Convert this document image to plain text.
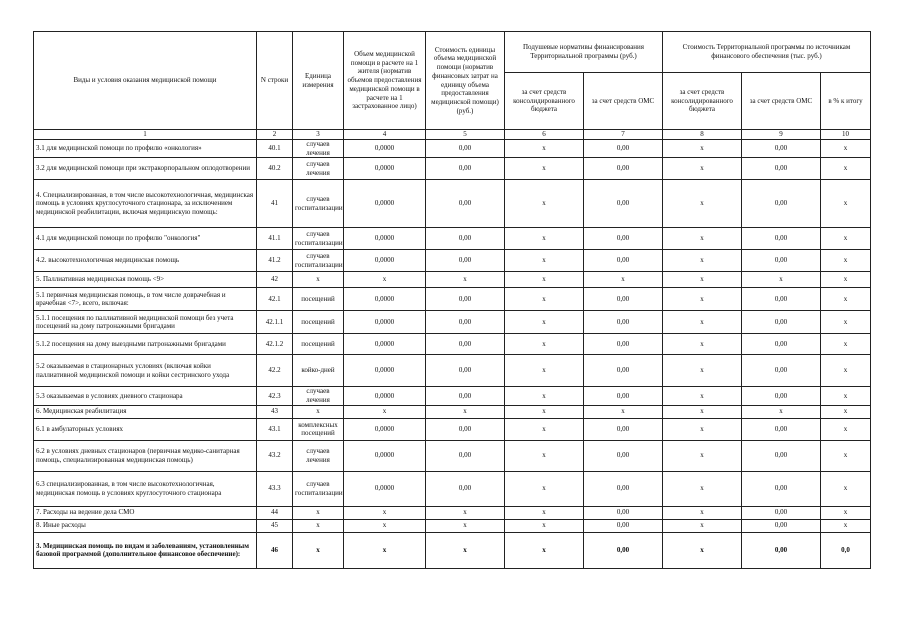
Виды и условия оказания медицинской помощи	N строки	Единица измерения	Объем медицинской помощи в расчете на 1 жителя (норматив объемов предоставления медицинской помощи в расчете на 1 застрахованное лицо)	Стоимость единицы объема медицинской помощи (норматив финансовых затрат на единицу объема предоставления медицинской помощи) (руб.)	Подушевые нормативы финансирования Территориальной программы (руб.)		Стоимость Территориальной программы по источникам финансового обеспечения (тыс. руб.)		
					за счет средств консолидированного бюджета	за счет средств ОМС	за счет средств консолидированного бюджета	за счет средств ОМС	в % к итогу
1	2	3	4	5	6	7	8	9	10
3.1 для медицинской помощи по профилю «онкология»	40.1	случаев лечения	0,0000	0,00	x	0,00	x	0,00	x
3.2 для медицинской помощи при экстракорпоральном оплодотворении	40.2	случаев лечения	0,0000	0,00	x	0,00	x	0,00	x
4. Специализированная, в том числе высокотехнологичная, медицинская помощь в условиях круглосуточного стационара, за исключением медицинской реабилитации, включая медицинскую помощь:	41	случаев госпитализации	0,0000	0,00	x	0,00	x	0,00	x
4.1 для медицинской помощи по профилю "онкология"	41.1	случаев госпитализации	0,0000	0,00	x	0,00	x	0,00	x
4.2. высокотехнологичная медицинская помощь	41.2	случаев госпитализации	0,0000	0,00	x	0,00	x	0,00	x
5. Паллиативная медицинская помощь <9>	42	x	x	x	x	x	x	x	x
5.1 первичная медицинская помощь, в том числе доврачебная и врачебная <7>, всего, включая:	42.1	посещений	0,0000	0,00	x	0,00	x	0,00	x
5.1.1 посещения по паллиативной медицинской помощи без учета посещений на дому патронажными бригадами	42.1.1	посещений	0,0000	0,00	x	0,00	x	0,00	x
5.1.2 посещения на дому выездными патронажными бригадами	42.1.2	посещений	0,0000	0,00	x	0,00	x	0,00	x
5.2 оказываемая в стационарных условиях (включая койки паллиативной медицинской помощи и койки сестринского ухода	42.2	койко-дней	0,0000	0,00	x	0,00	x	0,00	x
5.3 оказываемая в условиях дневного стационара	42.3	случаев лечения	0,0000	0,00	x	0,00	x	0,00	x
6. Медицинская реабилитация	43	x	x	x	x	x	x	x	x
6.1 в амбулаторных условиях	43.1	комплексных посещений	0,0000	0,00	x	0,00	x	0,00	x
6.2 в условиях дневных стационаров (первичная медико-санитарная помощь, специализированная медицинская помощь)	43.2	случаев лечения	0,0000	0,00	x	0,00	x	0,00	x
6.3 специализированная, в том числе высокотехнологичная, медицинская помощь в условиях круглосуточного стационара	43.3	случаев госпитализации	0,0000	0,00	x	0,00	x	0,00	x
7. Расходы на ведение дела СМО	44	x	x	x	x	0,00	x	0,00	x
8. Иные расходы	45	x	x	x	x	0,00	x	0,00	x
3. Медицинская помощь по видам и заболеваниям, установленным базовой программой (дополнительное финансовое обеспечение):	46	x	x	x	x	0,00	x	0,00	0,0
